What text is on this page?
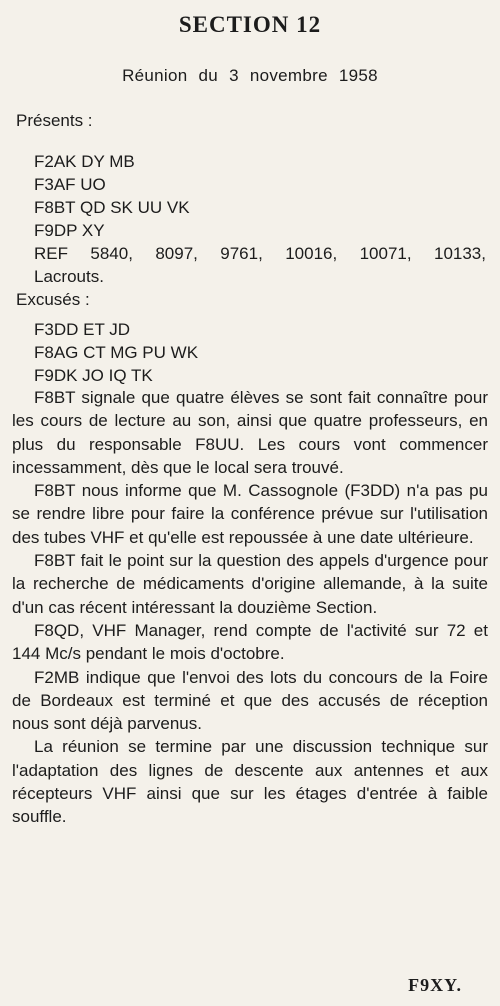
SECTION 12
Réunion du 3 novembre 1958
Présents :
F2AK DY MB
F3AF UO
F8BT QD SK UU VK
F9DP XY
REF 5840, 8097, 9761, 10016, 10071, 10133,
Lacrouts.
Excusés :
F3DD ET JD
F8AG CT MG PU WK
F9DK JO IQ TK

F8BT signale que quatre élèves se sont fait connaître pour les cours de lecture au son, ainsi que quatre professeurs, en plus du responsable F8UU. Les cours vont commencer incessamment, dès que le local sera trouvé.

F8BT nous informe que M. Cassognole (F3DD) n'a pas pu se rendre libre pour faire la conférence prévue sur l'utilisation des tubes VHF et qu'elle est repoussée à une date ultérieure.

F8BT fait le point sur la question des appels d'urgence pour la recherche de médicaments d'origine allemande, à la suite d'un cas récent intéressant la douzième Section.

F8QD, VHF Manager, rend compte de l'activité sur 72 et 144 Mc/s pendant le mois d'octobre.

F2MB indique que l'envoi des lots du concours de la Foire de Bordeaux est terminé et que des accusés de réception nous sont déjà parvenus.

La réunion se termine par une discussion technique sur l'adaptation des lignes de descente aux antennes et aux récepteurs VHF ainsi que sur les étages d'entrée à faible souffle.

F9XY.
